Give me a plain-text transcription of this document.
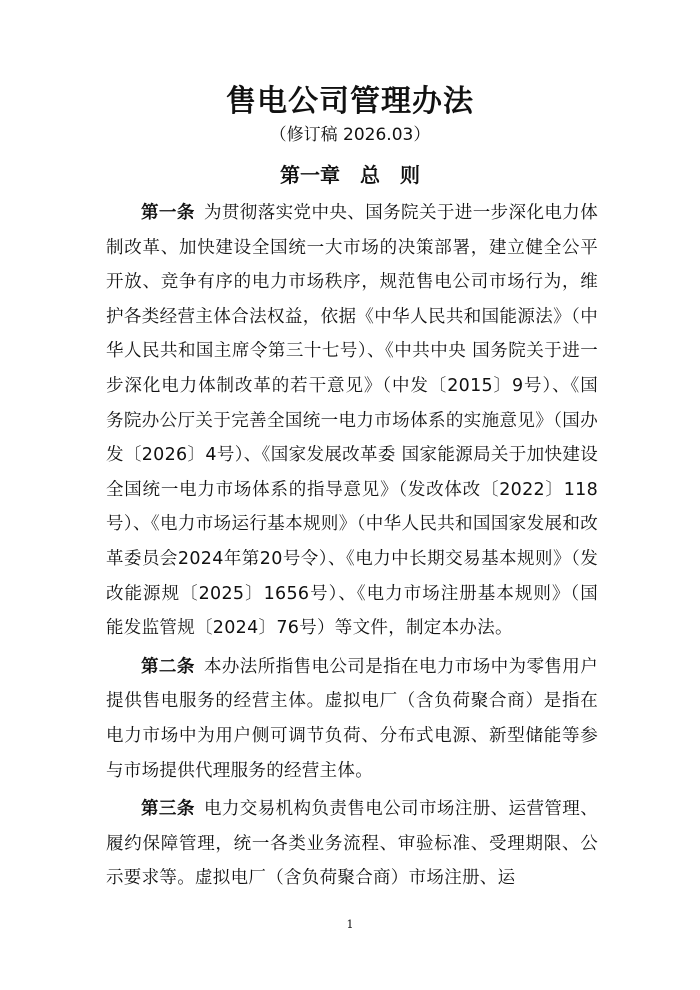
售电公司管理办法
（修订稿 2026.03）
第一章　总　则

第一条  为贯彻落实党中央、国务院关于进一步深化电力体制改革、加快建设全国统一大市场的决策部署，建立健全公平开放、竞争有序的电力市场秩序，规范售电公司市场行为，维护各类经营主体合法权益，依据《中华人民共和国能源法》（中华人民共和国主席令第三十七号）、《中共中央 国务院关于进一步深化电力体制改革的若干意见》（中发〔2015〕9号）、《国务院办公厅关于完善全国统一电力市场体系的实施意见》（国办发〔2026〕4号）、《国家发展改革委 国家能源局关于加快建设全国统一电力市场体系的指导意见》（发改体改〔2022〕118号）、《电力市场运行基本规则》（中华人民共和国国家发展和改革委员会2024年第20号令）、《电力中长期交易基本规则》（发改能源规〔2025〕1656号）、《电力市场注册基本规则》（国能发监管规〔2024〕76号）等文件，制定本办法。

第二条  本办法所指售电公司是指在电力市场中为零售用户提供售电服务的经营主体。虚拟电厂（含负荷聚合商）是指在电力市场中为用户侧可调节负荷、分布式电源、新型储能等参与市场提供代理服务的经营主体。

第三条  电力交易机构负责售电公司市场注册、运营管理、履约保障管理，统一各类业务流程、审验标准、受理期限、公示要求等。虚拟电厂（含负荷聚合商）市场注册、运

1
